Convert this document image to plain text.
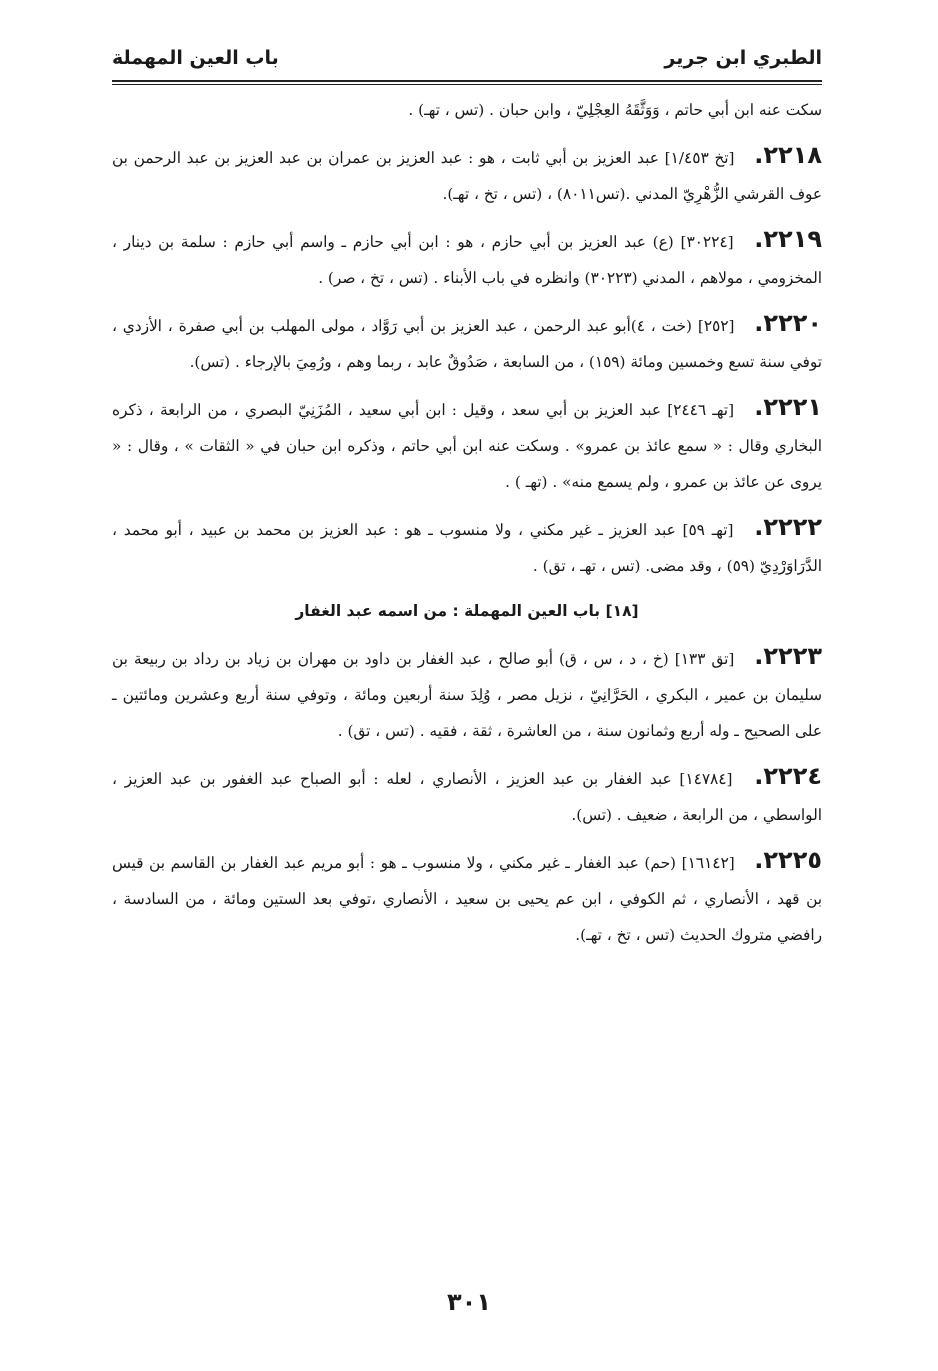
الطبري ابن جرير
باب العين المهملة

سكت عنه ابن أبي حاتم ، وَوَثَّقَهُ العِجْلِيّ ، وابن حبان . (تس ، تهـ) .

٢٢١٨. [تخ ١/٤٥٣] عبد العزيز بن أبي ثابت ، هو : عبد العزيز بن عمران بن عبد العزيز بن عبد الرحمن بن عوف القرشي الزُّهْرِيّ المدني .(تس٨٠١١) ، (تس ، تخ ، تهـ).

٢٢١٩. [٣٠٢٢٤] (ع) عبد العزيز بن أبي حازم ، هو : ابن أبي حازم ـ واسم أبي حازم : سلمة بن دينار ، المخزومي ، مولاهم ، المدني (٣٠٢٢٣) وانظره في باب الأبناء . (تس ، تخ ، صر) .

٢٢٢٠. [٢٥٢] (خت ، ٤)أبو عبد الرحمن ، عبد العزيز بن أبي رَوَّاد ، مولى المهلب بن أبي صفرة ، الأزدي ، توفي سنة تسع وخمسين ومائة (١٥٩) ، من السابعة ، صَدُوقٌ عابد ، ربما وهم ، ورُمِيَ بالإرجاء . (تس).

٢٢٢١. [تهـ ٢٤٤٦] عبد العزيز بن أبي سعد ، وقيل : ابن أبي سعيد ، المُزَنِيّ البصري ، من الرابعة ، ذكره البخاري وقال : « سمع عائذ بن عمرو» . وسكت عنه ابن أبي حاتم ، وذكره ابن حبان في « الثقات » ، وقال : « يروى عن عائذ بن عمرو ، ولم يسمع منه» . (تهـ ) .

٢٢٢٢. [تهـ ٥٩] عبد العزيز ـ غير مكني ، ولا منسوب ـ هو : عبد العزيز بن محمد بن عبيد ، أبو محمد ، الدَّرَاوَرْدِيّ (٥٩) ، وقد مضى. (تس ، تهـ ، تق) .

[١٨] باب العين المهملة : من اسمه عبد الغفار

٢٢٢٣. [تق ١٣٣] (خ ، د ، س ، ق) أبو صالح ، عبد الغفار بن داود بن مهران بن زياد بن رداد بن ربيعة بن سليمان بن عمير ، البكري ، الحَرَّانِيّ ، نزيل مصر ، وُلِدَ سنة أربعين ومائة ، وتوفي سنة أربع وعشرين ومائتين ـ على الصحيح ـ وله أربع وثمانون سنة ، من العاشرة ، ثقة ، فقيه . (تس ، تق) .

٢٢٢٤. [١٤٧٨٤] عبد الغفار بن عبد العزيز ، الأنصاري ، لعله : أبو الصباح عبد الغفور بن عبد العزيز ، الواسطي ، من الرابعة ، ضعيف . (تس).

٢٢٢٥. [١٦١٤٢] (حم) عبد الغفار ـ غير مكني ، ولا منسوب ـ هو : أبو مريم عبد الغفار بن القاسم بن قيس بن قهد ، الأنصاري ، ثم الكوفي ، ابن عم يحيى بن سعيد ، الأنصاري ،توفي بعد الستين ومائة ، من السادسة ، رافضي متروك الحديث (تس ، تخ ، تهـ).

٣٠١
